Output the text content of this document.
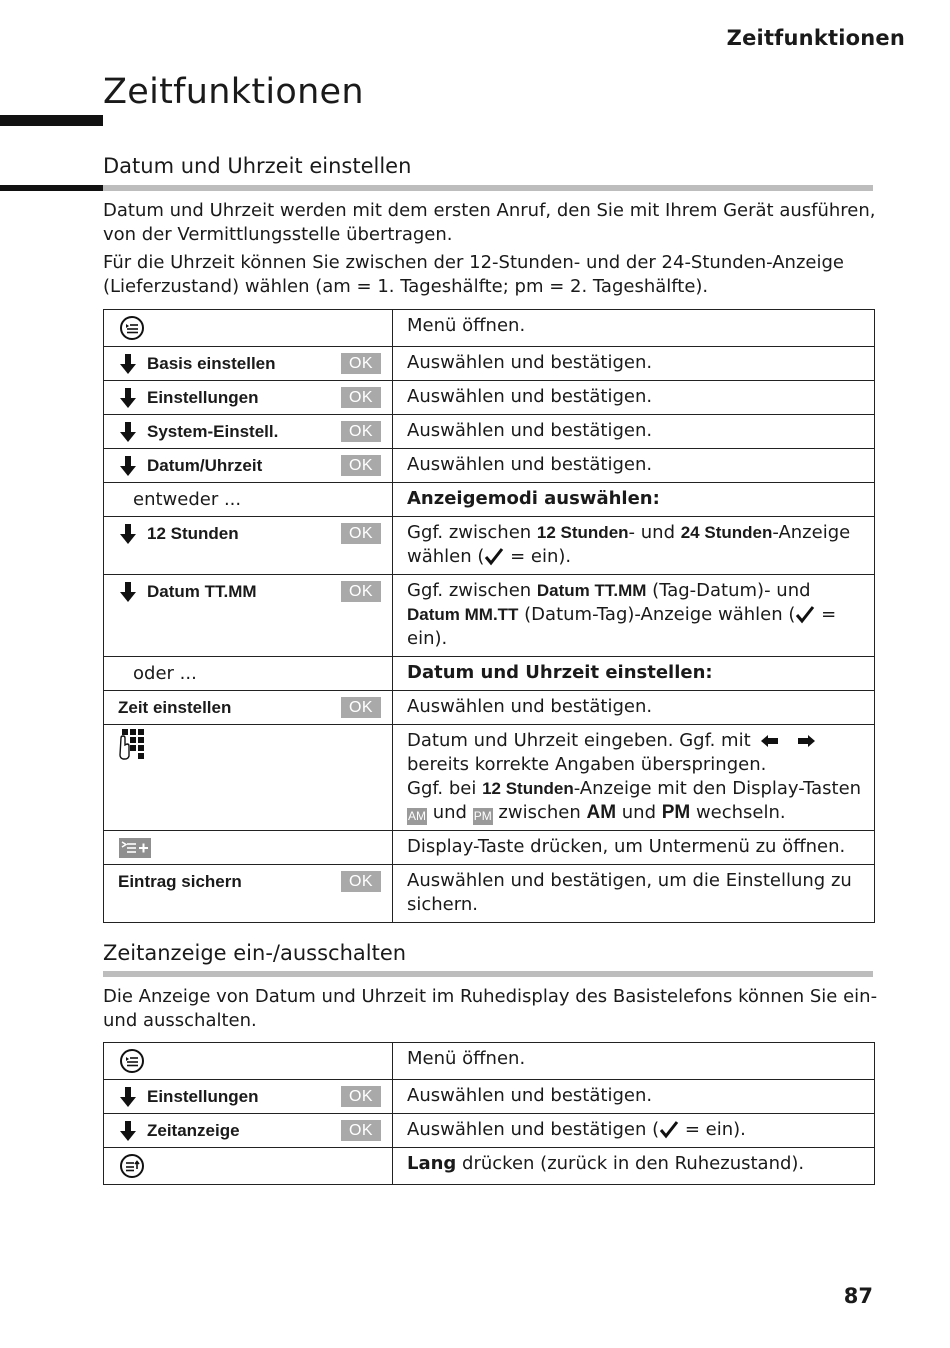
Zeitfunktionen
Zeitfunktionen
Datum und Uhrzeit einstellen

Datum und Uhrzeit werden mit dem ersten Anruf, den Sie mit Ihrem Gerät ausführen, von der Vermittlungsstelle übertragen.

Für die Uhrzeit können Sie zwischen der 12-Stunden- und der 24-Stunden-Anzeige (Lieferzustand) wählen (am = 1. Tageshälfte; pm = 2. Tageshälfte).

	Menü öffnen.

Basis einstellen OK	Auswählen und bestätigen.

Einstellungen OK	Auswählen und bestätigen.

System-Einstell. OK	Auswählen und bestätigen.

Datum/Uhrzeit OK	Auswählen und bestätigen.

entweder ...	Anzeigemodi auswählen:

12 Stunden OK	Ggf. zwischen 12 Stunden- und 24 Stunden-Anzeige wählen ( = ein).

Datum TT.MM OK	Ggf. zwischen Datum TT.MM (Tag-Datum)- und Datum MM.TT (Datum-Tag)-Anzeige wählen ( = ein).

oder ...	Datum und Uhrzeit einstellen:

Zeit einstellen OK	Auswählen und bestätigen.

	Datum und Uhrzeit eingeben. Ggf. mit
bereits korrekte Angaben überspringen.
Ggf. bei 12 Stunden-Anzeige mit den Display-Tasten
AM und PM zwischen AM und PM wechseln.

	Display-Taste drücken, um Untermenü zu öffnen.

Eintrag sichern OK	Auswählen und bestätigen, um die Einstellung zu sichern.
Zeitanzeige ein-/ausschalten

Die Anzeige von Datum und Uhrzeit im Ruhedisplay des Basistelefons können Sie ein- und ausschalten.

	Menü öffnen.

Einstellungen OK	Auswählen und bestätigen.

Zeitanzeige OK	Auswählen und bestätigen ( = ein).

	Lang drücken (zurück in den Ruhezustand).
87
